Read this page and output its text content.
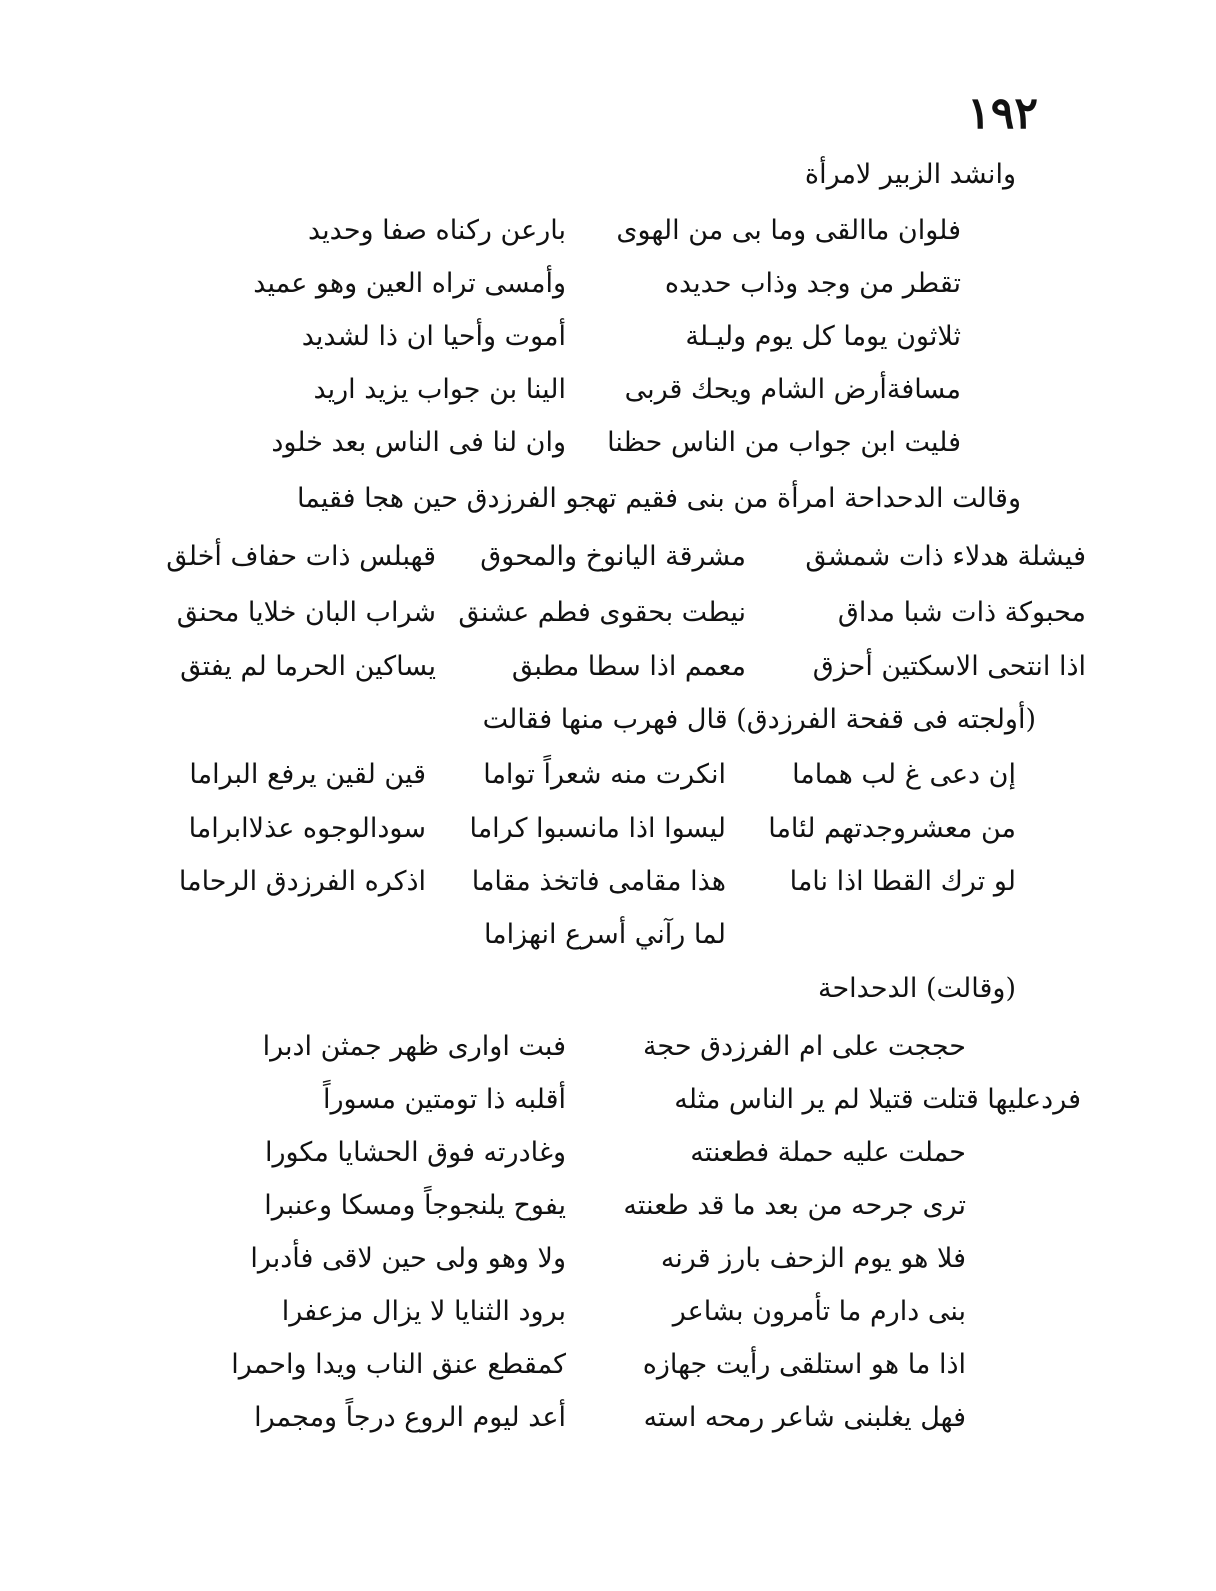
١٩٢
وانشد الزبير لامرأة
فلوان ماالقى وما بى من الهوى
بارعن ركناه صفا وحديد
تقطر من وجد وذاب حديده
وأمسى تراه العين وهو عميد
ثلاثون يوما كل يوم وليـلة
أموت وأحيا ان ذا لشديد
مسافةأرض الشام ويحك قربى
الينا بن جواب يزيد اريد
فليت ابن جواب من الناس حظنا
وان لنا فى الناس بعد خلود
وقالت الدحداحة امرأة من بنى فقيم تهجو الفرزدق حين هجا فقيما
فيشلة هدلاء ذات شمشق
مشرقة اليانوخ والمحوق
قهبلس ذات حفاف أخلق
محبوكة ذات شبا مداق
نيطت بحقوى فطم عشنق
شراب البان خلايا محنق
اذا انتحى الاسكتين أحزق
معمم اذا سطا مطبق
يساكين الحرما لم يفتق
(أولجته فى قفحة الفرزدق) قال فهرب منها فقالت
إن دعى غ لب هماما
انكرت منه شعراً تواما
قين لقين يرفع البراما
من معشروجدتهم لئاما
ليسوا اذا مانسبوا كراما
سودالوجوه عذلاابراما
لو ترك القطا اذا ناما
هذا مقامى فاتخذ مقاما
اذكره الفرزدق الرحاما
لما رآني أسرع انهزاما
(وقالت) الدحداحة
حججت على ام الفرزدق حجة
فبت اوارى ظهر جمثن ادبرا
فردعليها قتلت قتيلا لم ير الناس مثله
أقلبه ذا تومتين مسوراً
حملت عليه حملة فطعنته
وغادرته فوق الحشايا مكورا
ترى جرحه من بعد ما قد طعنته
يفوح يلنجوجاً ومسكا وعنبرا
فلا هو يوم الزحف بارز قرنه
ولا وهو ولى حين لاقى فأدبرا
بنى دارم ما تأمرون بشاعر
برود الثنايا لا يزال مزعفرا
اذا ما هو استلقى رأيت جهازه
كمقطع عنق الناب ويدا واحمرا
فهل يغلبنى شاعر رمحه استه
أعد ليوم الروع درجاً ومجمرا
